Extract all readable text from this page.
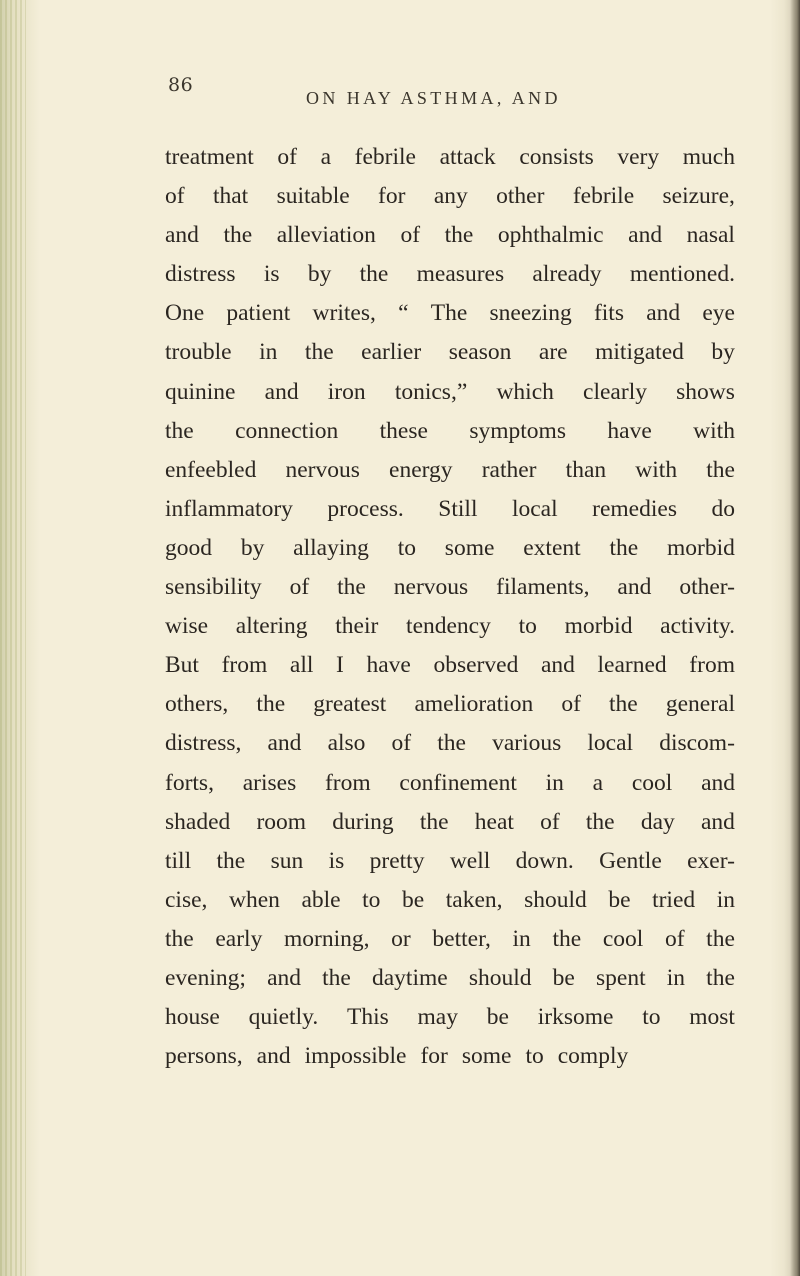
86
ON HAY ASTHMA, AND
treatment of a febrile attack consists very much
of that suitable for any other febrile seizure,
and the alleviation of the ophthalmic and nasal
distress is by the measures already mentioned.
One patient writes, “ The sneezing fits and eye
trouble in the earlier season are mitigated by
quinine and iron tonics,” which clearly shows
the connection these symptoms have with
enfeebled nervous energy rather than with the
inflammatory process. Still local remedies do
good by allaying to some extent the morbid
sensibility of the nervous filaments, and other-
wise altering their tendency to morbid activity.
But from all I have observed and learned from
others, the greatest amelioration of the general
distress, and also of the various local discom-
forts, arises from confinement in a cool and
shaded room during the heat of the day and
till the sun is pretty well down. Gentle exer-
cise, when able to be taken, should be tried in
the early morning, or better, in the cool of the
evening; and the daytime should be spent in the
house quietly. This may be irksome to most
persons, and impossible for some to comply
